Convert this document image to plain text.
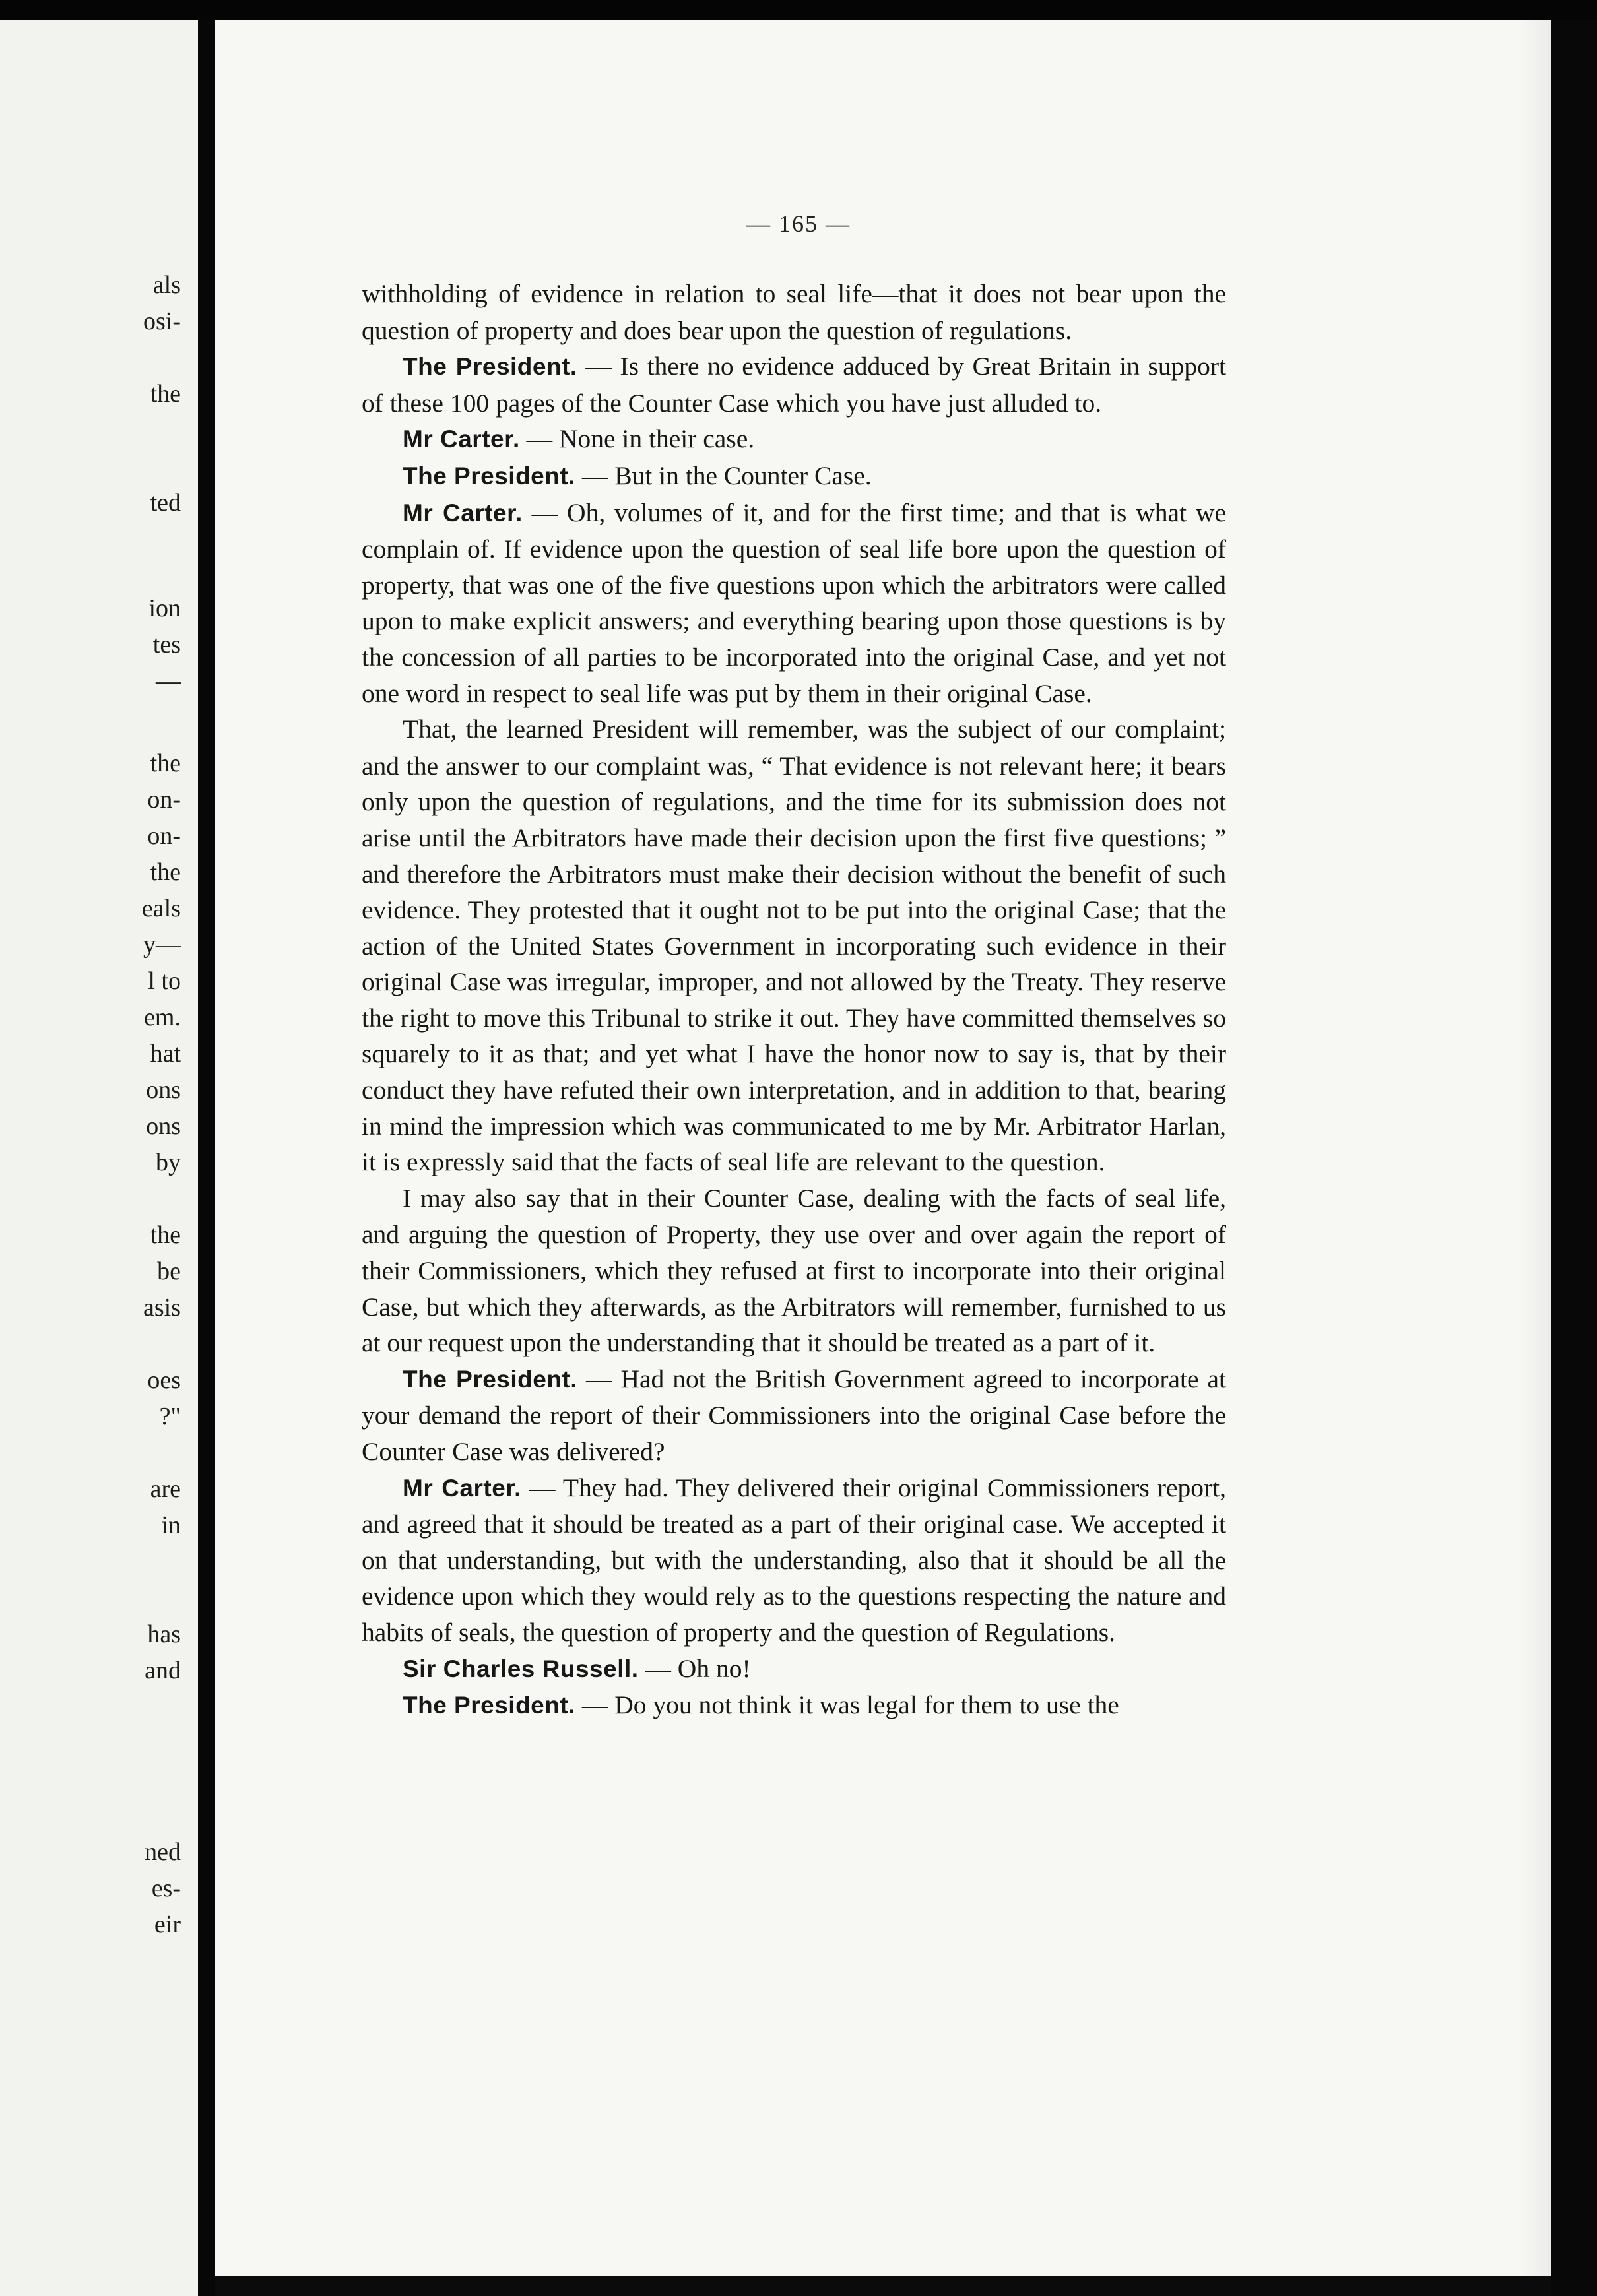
als
osi-
the
ted
ion
tes
—
the
on-
on-
the
eals
y—
l to
em.
hat
ons
ons
by
the
be
asis
oes
?"
are
in
has
and
ned
es-
eir
— 165 —

withholding of evidence in relation to seal life—that it does not bear upon the question of property and does bear upon the question of regulations.

The President. — Is there no evidence adduced by Great Britain in support of these 100 pages of the Counter Case which you have just alluded to.

Mr Carter. — None in their case.

The President. — But in the Counter Case.

Mr Carter. — Oh, volumes of it, and for the first time; and that is what we complain of. If evidence upon the question of seal life bore upon the question of property, that was one of the five questions upon which the arbitrators were called upon to make explicit answers; and everything bearing upon those questions is by the concession of all parties to be incorporated into the original Case, and yet not one word in respect to seal life was put by them in their original Case.

That, the learned President will remember, was the subject of our complaint; and the answer to our complaint was, “ That evidence is not relevant here; it bears only upon the question of regulations, and the time for its submission does not arise until the Arbitrators have made their decision upon the first five questions; ” and therefore the Arbitrators must make their decision without the benefit of such evidence. They protested that it ought not to be put into the original Case; that the action of the United States Government in incorporating such evidence in their original Case was irregular, improper, and not allowed by the Treaty. They reserve the right to move this Tribunal to strike it out. They have committed themselves so squarely to it as that; and yet what I have the honor now to say is, that by their conduct they have refuted their own interpretation, and in addition to that, bearing in mind the impression which was communicated to me by Mr. Arbitrator Harlan, it is expressly said that the facts of seal life are relevant to the question.

I may also say that in their Counter Case, dealing with the facts of seal life, and arguing the question of Property, they use over and over again the report of their Commissioners, which they refused at first to incorporate into their original Case, but which they afterwards, as the Arbitrators will remember, furnished to us at our request upon the understanding that it should be treated as a part of it.

The President. — Had not the British Government agreed to incorporate at your demand the report of their Commissioners into the original Case before the Counter Case was delivered?

Mr Carter. — They had. They delivered their original Commissioners report, and agreed that it should be treated as a part of their original case. We accepted it on that understanding, but with the understanding, also that it should be all the evidence upon which they would rely as to the questions respecting the nature and habits of seals, the question of property and the question of Regulations.

Sir Charles Russell. — Oh no!

The President. — Do you not think it was legal for them to use the
